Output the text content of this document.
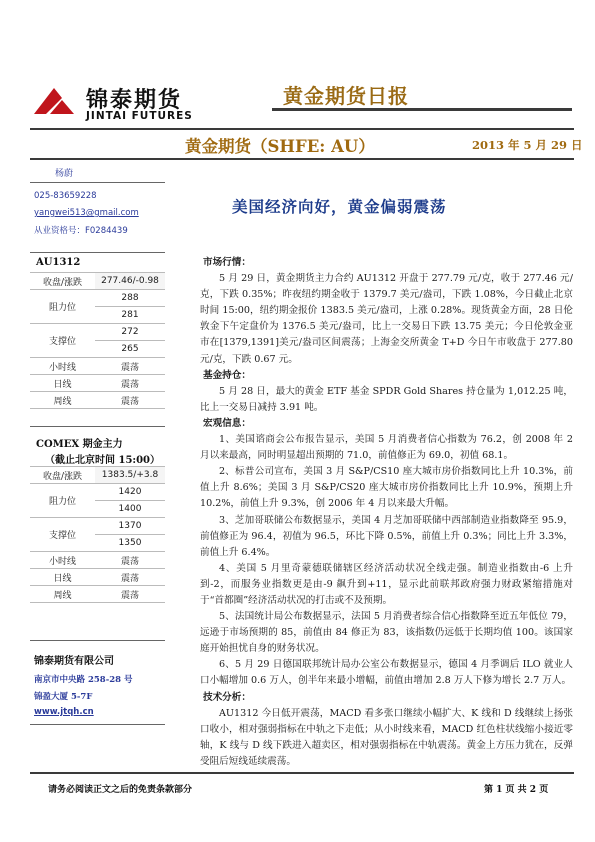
锦泰期货
JINTAI FUTURES
黄金期货日报
黄金期货（SHFE: AU）	2013 年 5 月 29 日
杨蔚
025-83659228
yangwei513@gmail.com
从业资格号：F0284439
AU1312
收盘/涨跌	277.46/-0.98
阻力位	288
	281
支撑位	272
	265
小时线	震荡
日线	震荡
周线	震荡
COMEX 期金主力
（截止北京时间 15:00）
收盘/涨跌	1383.5/+3.8
阻力位	1420
	1400
支撑位	1370
	1350
小时线	震荡
日线	震荡
周线	震荡
锦泰期货有限公司
南京市中央路 258-28 号
锦盈大厦 5-7F
www.jtqh.cn
美国经济向好，黄金偏弱震荡

市场行情：

5 月 29 日，黄金期货主力合约 AU1312 开盘于 277.79 元/克，收于 277.46 元/克，下跌 0.35%；昨夜纽约期金收于 1379.7 美元/盎司，下跌 1.08%，今日截止北京时间 15:00，纽约期金报价 1383.5 美元/盎司，上涨 0.28%。现货黄金方面，28 日伦敦金下午定盘价为 1376.5 美元/盎司，比上一交易日下跌 13.75 美元；今日伦敦金亚市在[1379,1391]美元/盎司区间震荡；上海金交所黄金 T+D 今日午市收盘于 277.80 元/克，下跌 0.67 元。

基金持仓：

5 月 28 日，最大的黄金 ETF 基金 SPDR Gold Shares 持仓量为 1,012.25 吨，比上一交易日减持 3.91 吨。

宏观信息：

1、美国谘商会公布报告显示，美国 5 月消费者信心指数为 76.2，创 2008 年 2 月以来最高，同时明显超出预期的 71.0，前值修正为 69.0，初值 68.1。

2、标普公司宣布，美国 3 月 S&P/CS10 座大城市房价指数同比上升 10.3%，前值上升 8.6%；美国 3 月 S&P/CS20 座大城市房价指数同比上升 10.9%，预期上升 10.2%，前值上升 9.3%，创 2006 年 4 月以来最大升幅。

3、芝加哥联储公布数据显示，美国 4 月芝加哥联储中西部制造业指数降至 95.9，前值修正为 96.4，初值为 96.5，环比下降 0.5%，前值上升 0.3%；同比上升 3.3%，前值上升 6.4%。

4、美国 5 月里奇蒙德联储辖区经济活动状况全线走强。制造业指数由-6 上升到-2，而服务业指数更是由-9 飙升到+11，显示此前联邦政府强力财政紧缩措施对于“首都圈”经济活动状况的打击或不及预期。

5、法国统计局公布数据显示，法国 5 月消费者综合信心指数降至近五年低位 79，远逊于市场预期的 85，前值由 84 修正为 83，该指数仍远低于长期均值 100。该国家庭开始担忧自身的财务状况。

6、5 月 29 日德国联邦统计局办公室公布数据显示，德国 4 月季调后 ILO 就业人口小幅增加 0.6 万人，创半年来最小增幅，前值由增加 2.8 万人下修为增长 2.7 万人。

技术分析：

AU1312 今日低开震荡，MACD 看多张口继续小幅扩大、K 线和 D 线继续上扬张口收小，相对强弱指标在中轨之下走低；从小时线来看，MACD 红色柱状线缩小接近零轴，K 线与 D 线下跌进入超卖区，相对强弱指标在中轨震荡。黄金上方压力犹在，反弹受阻后短线延续震荡。

请务必阅读正文之后的免责条款部分	第 1 页 共 2 页
